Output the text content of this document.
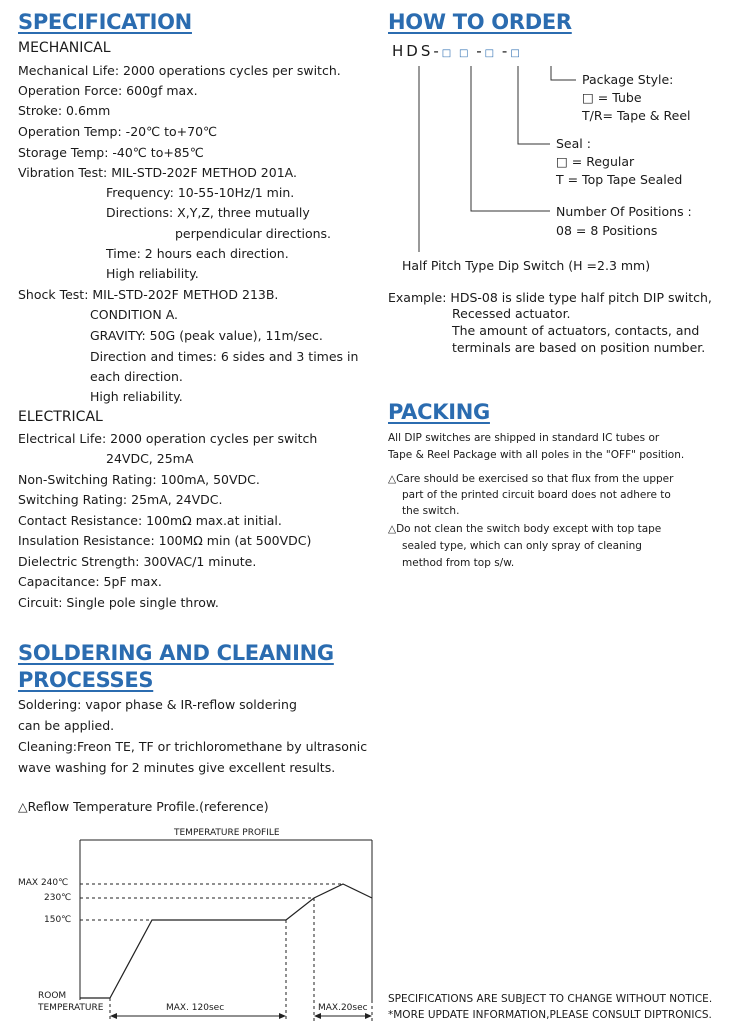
SPECIFICATION
MECHANICAL
Mechanical Life: 2000 operations cycles per switch.
Operation Force: 600gf max.
Stroke: 0.6mm
Operation Temp: -20℃ to+70℃
Storage Temp: -40℃ to+85℃
Vibration Test: MIL-STD-202F METHOD 201A.
Frequency: 10-55-10Hz/1 min.
Directions: X,Y,Z, three mutually
perpendicular directions.
Time: 2 hours each direction.
High reliability.
Shock Test: MIL-STD-202F METHOD 213B.
CONDITION A.
GRAVITY: 50G (peak value), 11m/sec.
Direction and times: 6 sides and 3 times in
each direction.
High reliability.
ELECTRICAL
Electrical Life: 2000 operation cycles per switch
24VDC, 25mA
Non-Switching Rating: 100mA, 50VDC.
Switching Rating: 25mA, 24VDC.
Contact Resistance: 100mΩ max.at initial.
Insulation Resistance: 100MΩ min (at 500VDC)
Dielectric Strength: 300VAC/1 minute.
Capacitance: 5pF max.
Circuit: Single pole single throw.
SOLDERING AND CLEANING
PROCESSES
Soldering: vapor phase & IR-reflow soldering
can be applied.
Cleaning:Freon TE, TF or trichloromethane by ultrasonic
wave washing for 2 minutes give excellent results.
△Reflow Temperature Profile.(reference)
TEMPERATURE PROFILE
MAX 240℃
230℃
150℃
ROOM
TEMPERATURE	MAX. 120sec	MAX.20sec
HOW TO ORDER
HDS-□ □ -□ -□
Package Style:
□ = Tube
T/R= Tape & Reel
Seal :
□ = Regular
T = Top Tape Sealed
Number Of Positions :
08 = 8 Positions
Half Pitch Type Dip Switch (H =2.3 mm)
Example: HDS-08 is slide type half pitch DIP switch,
Recessed actuator.
The amount of actuators, contacts, and
terminals are based on position number.
PACKING
All DIP switches are shipped in standard IC tubes or
Tape & Reel Package with all poles in the "OFF" position.
△Care should be exercised so that flux from the upper
part of the printed circuit board does not adhere to
the switch.
△Do not clean the switch body except with top tape
sealed type, which can only spray of cleaning
method from top s/w.
SPECIFICATIONS ARE SUBJECT TO CHANGE WITHOUT NOTICE.
*MORE UPDATE INFORMATION,PLEASE CONSULT DIPTRONICS.
